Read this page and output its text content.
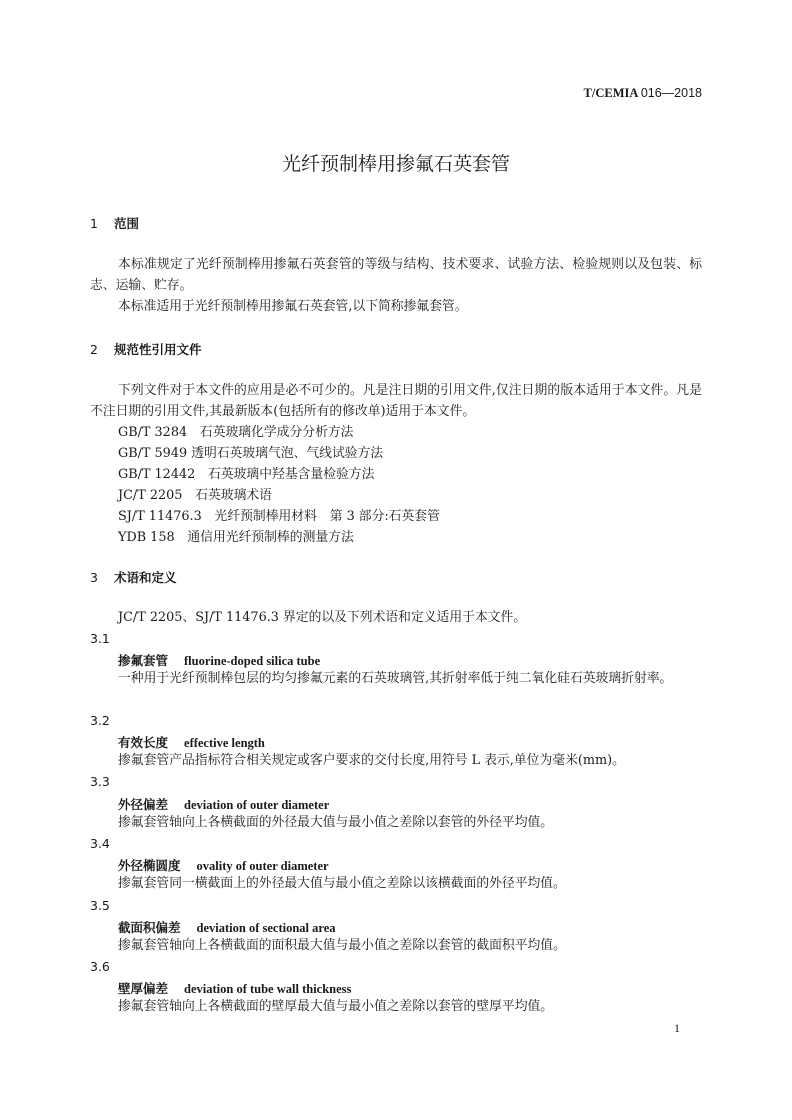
T/CEMIA 016—2018
光纤预制棒用掺氟石英套管
1 范围
本标准规定了光纤预制棒用掺氟石英套管的等级与结构、技术要求、试验方法、检验规则以及包装、标志、运输、贮存。
本标准适用于光纤预制棒用掺氟石英套管,以下简称掺氟套管。
2 规范性引用文件
下列文件对于本文件的应用是必不可少的。凡是注日期的引用文件,仅注日期的版本适用于本文件。凡是不注日期的引用文件,其最新版本(包括所有的修改单)适用于本文件。
GB/T 3284　石英玻璃化学成分分析方法
GB/T 5949 透明石英玻璃气泡、气线试验方法
GB/T 12442　石英玻璃中羟基含量检验方法
JC/T 2205　石英玻璃术语
SJ/T 11476.3　光纤预制棒用材料　第 3 部分:石英套管
YDB 158　通信用光纤预制棒的测量方法
3 术语和定义
JC/T 2205、SJ/T 11476.3 界定的以及下列术语和定义适用于本文件。
3.1
掺氟套管 fluorine-doped silica tube
一种用于光纤预制棒包层的均匀掺氟元素的石英玻璃管,其折射率低于纯二氧化硅石英玻璃折射率。
3.2
有效长度 effective length
掺氟套管产品指标符合相关规定或客户要求的交付长度,用符号 L 表示,单位为毫米(mm)。
3.3
外径偏差 deviation of outer diameter
掺氟套管轴向上各横截面的外径最大值与最小值之差除以套管的外径平均值。
3.4
外径椭圆度 ovality of outer diameter
掺氟套管同一横截面上的外径最大值与最小值之差除以该横截面的外径平均值。
3.5
截面积偏差 deviation of sectional area
掺氟套管轴向上各横截面的面积最大值与最小值之差除以套管的截面积平均值。
3.6
壁厚偏差 deviation of tube wall thickness
掺氟套管轴向上各横截面的壁厚最大值与最小值之差除以套管的壁厚平均值。
1
